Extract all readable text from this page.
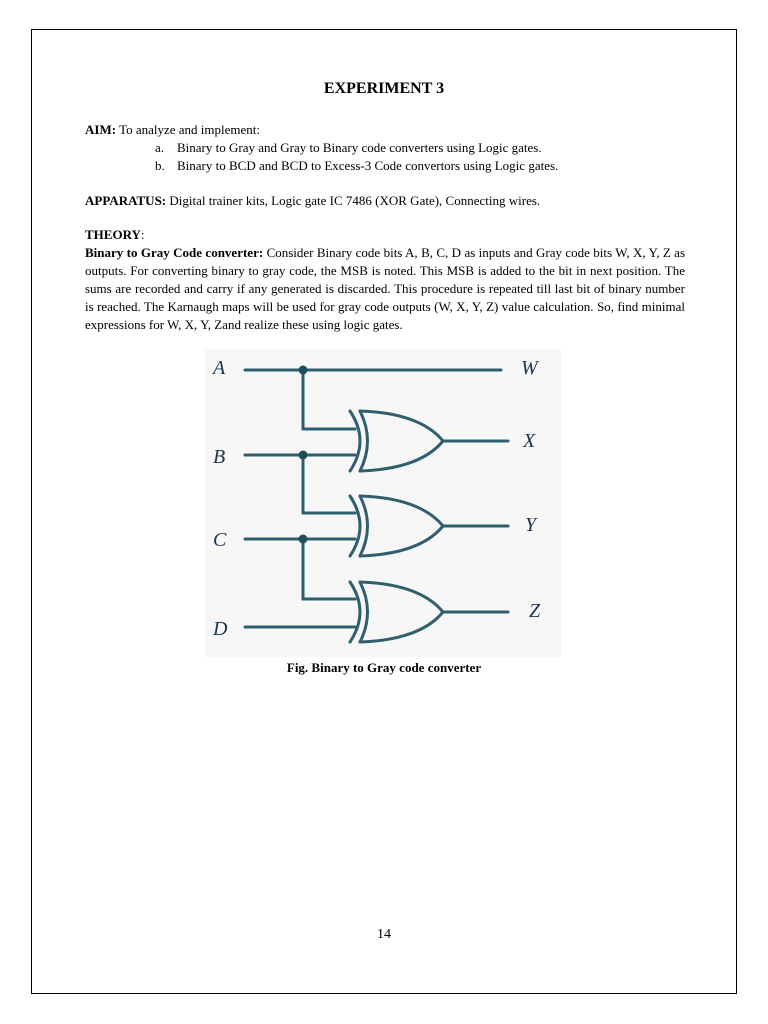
EXPERIMENT 3
AIM: To analyze and implement:
a. Binary to Gray and Gray to Binary code converters using Logic gates.
b. Binary to BCD and BCD to Excess-3 Code convertors using Logic gates.
APPARATUS: Digital trainer kits, Logic gate IC 7486 (XOR Gate), Connecting wires.
THEORY:
Binary to Gray Code converter: Consider Binary code bits A, B, C, D as inputs and Gray code bits W, X, Y, Z as outputs. For converting binary to gray code, the MSB is noted. This MSB is added to the bit in next position. The sums are recorded and carry if any generated is discarded. This procedure is repeated till last bit of binary number is reached. The Karnaugh maps will be used for gray code outputs (W, X, Y, Z) value calculation. So, find minimal expressions for W, X, Y, Zand realize these using logic gates.
A
B
C
D
W
X
Y
Z
Fig. Binary to Gray code converter
14
